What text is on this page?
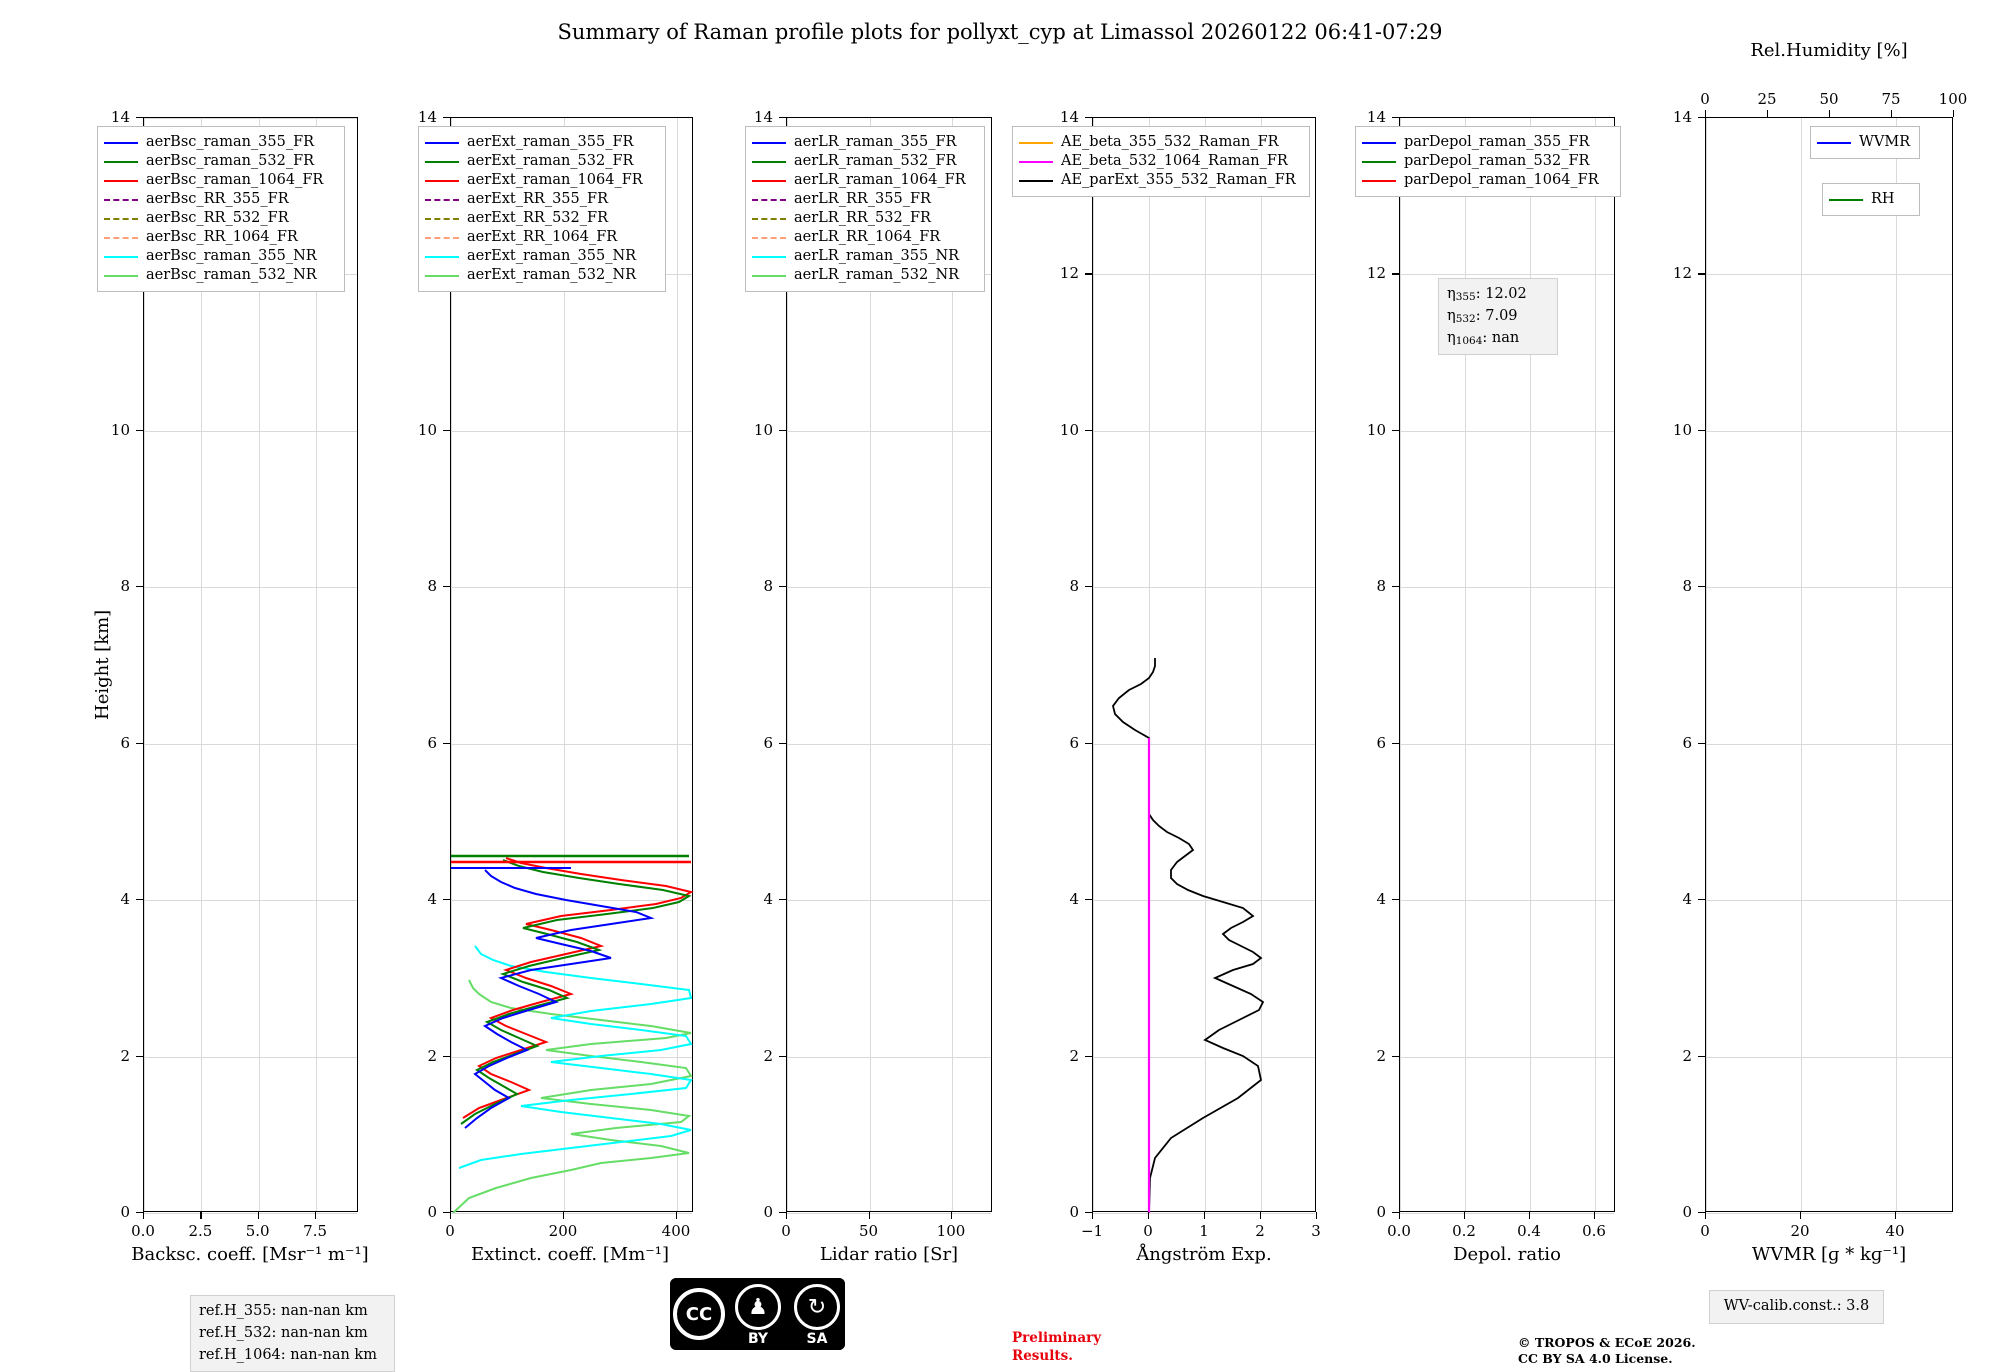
Summary of Raman profile plots for pollyxt_cyp at Limassol 20260122 06:41-07:29
Height [km]
0
2
4
6
8
10
14
0.0	2.5	5.0	7.5
Backsc. coeff. [Msr⁻¹ m⁻¹]
aerBsc_raman_355_FR
aerBsc_raman_532_FR
aerBsc_raman_1064_FR
aerBsc_RR_355_FR
aerBsc_RR_532_FR
aerBsc_RR_1064_FR
aerBsc_raman_355_NR
aerBsc_raman_532_NR
0
2
4
6
8
10
14
0	200	400
Extinct. coeff. [Mm⁻¹]
aerExt_raman_355_FR
aerExt_raman_532_FR
aerExt_raman_1064_FR
aerExt_RR_355_FR
aerExt_RR_532_FR
aerExt_RR_1064_FR
aerExt_raman_355_NR
aerExt_raman_532_NR
0
2
4
6
8
10
14
0	50	100
Lidar ratio [Sr]
aerLR_raman_355_FR
aerLR_raman_532_FR
aerLR_raman_1064_FR
aerLR_RR_355_FR
aerLR_RR_532_FR
aerLR_RR_1064_FR
aerLR_raman_355_NR
aerLR_raman_532_NR
0
2
4
6
8
10
12
14
−1	0	1	2	3
Ångström Exp.
AE_beta_355_532_Raman_FR
AE_beta_532_1064_Raman_FR
AE_parExt_355_532_Raman_FR
η355: 12.02
η532: 7.09
η1064: nan
0
2
4
6
8
10
12
14
0.0	0.2	0.4	0.6
Depol. ratio
parDepol_raman_355_FR
parDepol_raman_532_FR
parDepol_raman_1064_FR
Rel.Humidity [%]
0	25	50	75	100
0
2
4
6
8
10
12
14
0	20	40
WVMR [ɡ * kɡ⁻¹]
WVMR
RH
WV-calib.const.: 3.8
ref.H_355: nan-nan km
ref.H_532: nan-nan km
ref.H_1064: nan-nan km
CC	♟
BY
↻
SA	Preliminary
Results.
© TROPOS & ECoE 2026.
CC BY SA 4.0 License.
